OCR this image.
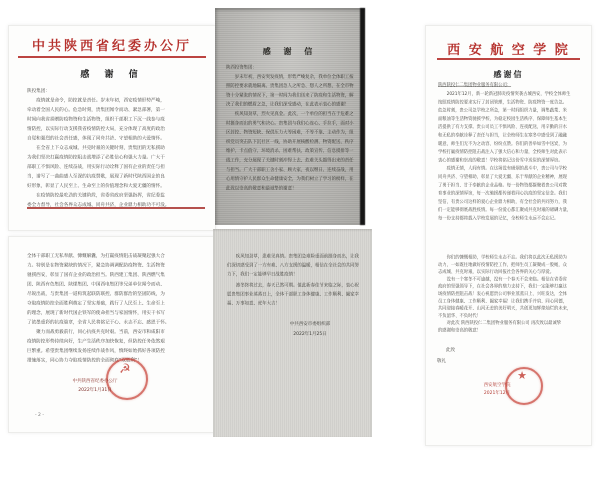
中共陕西省纪委办公厅
感 谢 信
陕投集团：
　　疫情就是命令，防控就是责任。岁末年初，西安疫情形势严峻，
牵动着全国人民的心。危急时刻，贵集团闻令而动、紧急部署，第一
时间向我省捐赠防疫物资和生活物资，组织干部职工下沉一线参与疫
情防控，以实际行动支援我省疫情防控大局，充分体现了高度的政治
自觉和强烈的社会责任感，体现了同舟共济、守望相助的大爱情怀。
　　在全省上下众志成城、共克时艰的关键时刻，贵集团的无私援助
为我们坚决打赢疫情防控阻击战增添了必胜信心和强大力量。广大干
部职工不惧风险、连续奋战，用实际行动诠释了国有企业的责任与担
当，谱写了一曲曲感人至深的抗疫赞歌，展现了新时代陕西国企的良
好形象，彰显了人民至上、生命至上的价值理念和大爱无疆的情怀。
　　在疫情防控最吃劲的关键阶段，省委省政府坚强指挥，省纪委监
委全力督导，社会各界众志成城、同舟共济，企业鼎力相助功不可没。
全体干部职工无私奉献、慷慨解囊，为打赢疫情阻击战凝聚起强大合
力。特别是在物资紧缺的情况下，紧急协调调配防疫物资、生活物资
驰援西安，彰显了国有企业的政治担当。陕西建工集团、陕西燃气集
团、陕西有色集团、陕煤集团、中国西电集团等兄弟单位闻令而动、
尽锐出战，与贵集团一道构筑起联防联控、群防群治的坚固防线，为
夺取疫情防控全面胜利奠定了坚实基础，践行了人民至上、生命至上
的理念，展现了新时代国企铁军的使命担当与家国情怀，用实干书写
了浓墨重彩的抗疫篇章，全省人民将铭记于心、永志不忘、感恩于怀。
　　聚力而战勇毅前行，同心抗疫共克时艰。当前，西安市和咸阳市
疫情防控形势持续向好，生产生活秩序加快恢复，但防控任务依然艰
巨繁重。希望贵集团继续发扬连续作战作风，慎终如始抓好各项防控
措施落实，同心协力夺取疫情防控的全面彻底“双胜利”！
☭
中共陕西省纪委办公厅
2022年1月31日
- 2 -
感 谢 信
陕西投资集团：
　　岁末年初，西安突发疫情，形势严峻复杂，我单位全体职工按
照防控要求就地隔离。贵集团急人之所急、想人之所想，在全市物
资十分紧张的情况下，第一时间为我们送来了防疫和生活物资，解
决了我们的燃眉之急，让我们深受感动，在此表示衷心的感谢！
　　疾风知劲草，烈火见真金。此次，一个单位的担当在于危难之
时挺身而出的勇气和决心。贵集团与我们心连心、手拉手，面对小
区封控、物资短缺、保供压力大等困难，不等不靠、主动作为，组
织党员突击队下沉社区一线，协助开展核酸检测、物资配送、秩序
维护、卡点值守、环境消杀、困难帮扶、政策宣传、信息摸排等一
线工作，充分展现了关键时刻冲得上去、危难关头豁得出来的责任
与担当。广大干部职工舍小家、顾大家，夜以继日、连续奋战，用
心用情守护人民群众生命健康安全，为我们树立了学习的榜样，在
此致以崇高的敬意和最诚挚的谢意！
　　疾风知劲草，患难见真情。贵集团急难险重面前挺身而出，让我
们深切感受到了一方有难、八方支援的温暖，相信在全社会的共同努
力下，我们一定能够早日战胜疫情！
　　凛冬终将过去，春天已然可期。值此新春佳节来临之际，衷心祝
愿贵集团事业蒸蒸日上，全体干部职工身体健康、工作顺利、阖家幸
福、万事如意、虎年大吉！
中共西安市委组织部
2022年1月25日
西 安 航 空 学 院
感谢信
陕西陕投仁二集团物业服务有限公司：
　　2021年12月，新一轮新冠肺炎疫情突袭古城西安，学校全体师生
按照疫情防控要求实行了封闭管理，生活物资、防疫物资一度告急。
危急时刻，贵公司急学校之所急，第一时间组织力量，调集蔬菜、米
面粮油等生活物资驰援学校，为稳定校园生活秩序、保障师生基本生
活提供了有力支撑。贵公司员工不惧风险、连夜配送，用辛勤的汗水
和无私的奉献诠释了责任与担当，让全校师生在寒冬中感受到了融融
暖意，师生们无不为之动容、纷纷点赞。你们的善举如雪中送炭，为
学校打赢疫情防控阻击战注入了强大信心和力量，全校师生对此表示
衷心的感谢和崇高的敬意！学校将铭记这份雪中送炭的深情厚谊。
　　疫情无情，人间有情。在这场没有硝烟的战斗中，贵公司与学校
同舟共济、守望相助，彰显了大爱无疆、乐于奉献的企业精神，展现
了勇于担当、甘于奉献的企业品格。每一份物资都凝聚着贵公司对教
育事业的深情厚谊，每一次驰援都传递着同心抗疫的坚定信念。我们
坚信，有贵公司这样的爱心企业鼎力相助，有全社会的共同努力，我
们一定能够彻底战胜疫情。每一份爱心都汇聚成共克时艰的磅礴力量，
每一份支持都将载入学校发展的记忆，全校师生永远不会忘记。
　　你们的慷慨相助，学校师生永志不忘。我们将以此次无私援助为
动力，一如既往地做好疫情防控工作，把师生员工凝聚成一股绳，众
志成城、共克时艰，以实际行动回报社会各界的关心与厚爱。
　　没有一个寒冬不可逾越，没有一个春天不会来临。相信在省委省
政府的坚强领导下，在社会各界的鼎力支持下，我们一定能够打赢这
场疫情防控阻击战！衷心祝愿贵公司事业蒸蒸日上、兴旺发达，全体
员工身体健康、工作顺利、阖家幸福！让我们携手并肩、同心同德，
共同迎接春暖花开、山河无恙的美好明天，共创更加辉煌灿烂的未来，
不负韶华、不负时代！
　　对此次 陕西陕投仁二集团物业服务有限公司 再次致以最诚挚
的感谢和崇高的敬意！
此致
敬礼
★
西安航空学院
2021年12月
